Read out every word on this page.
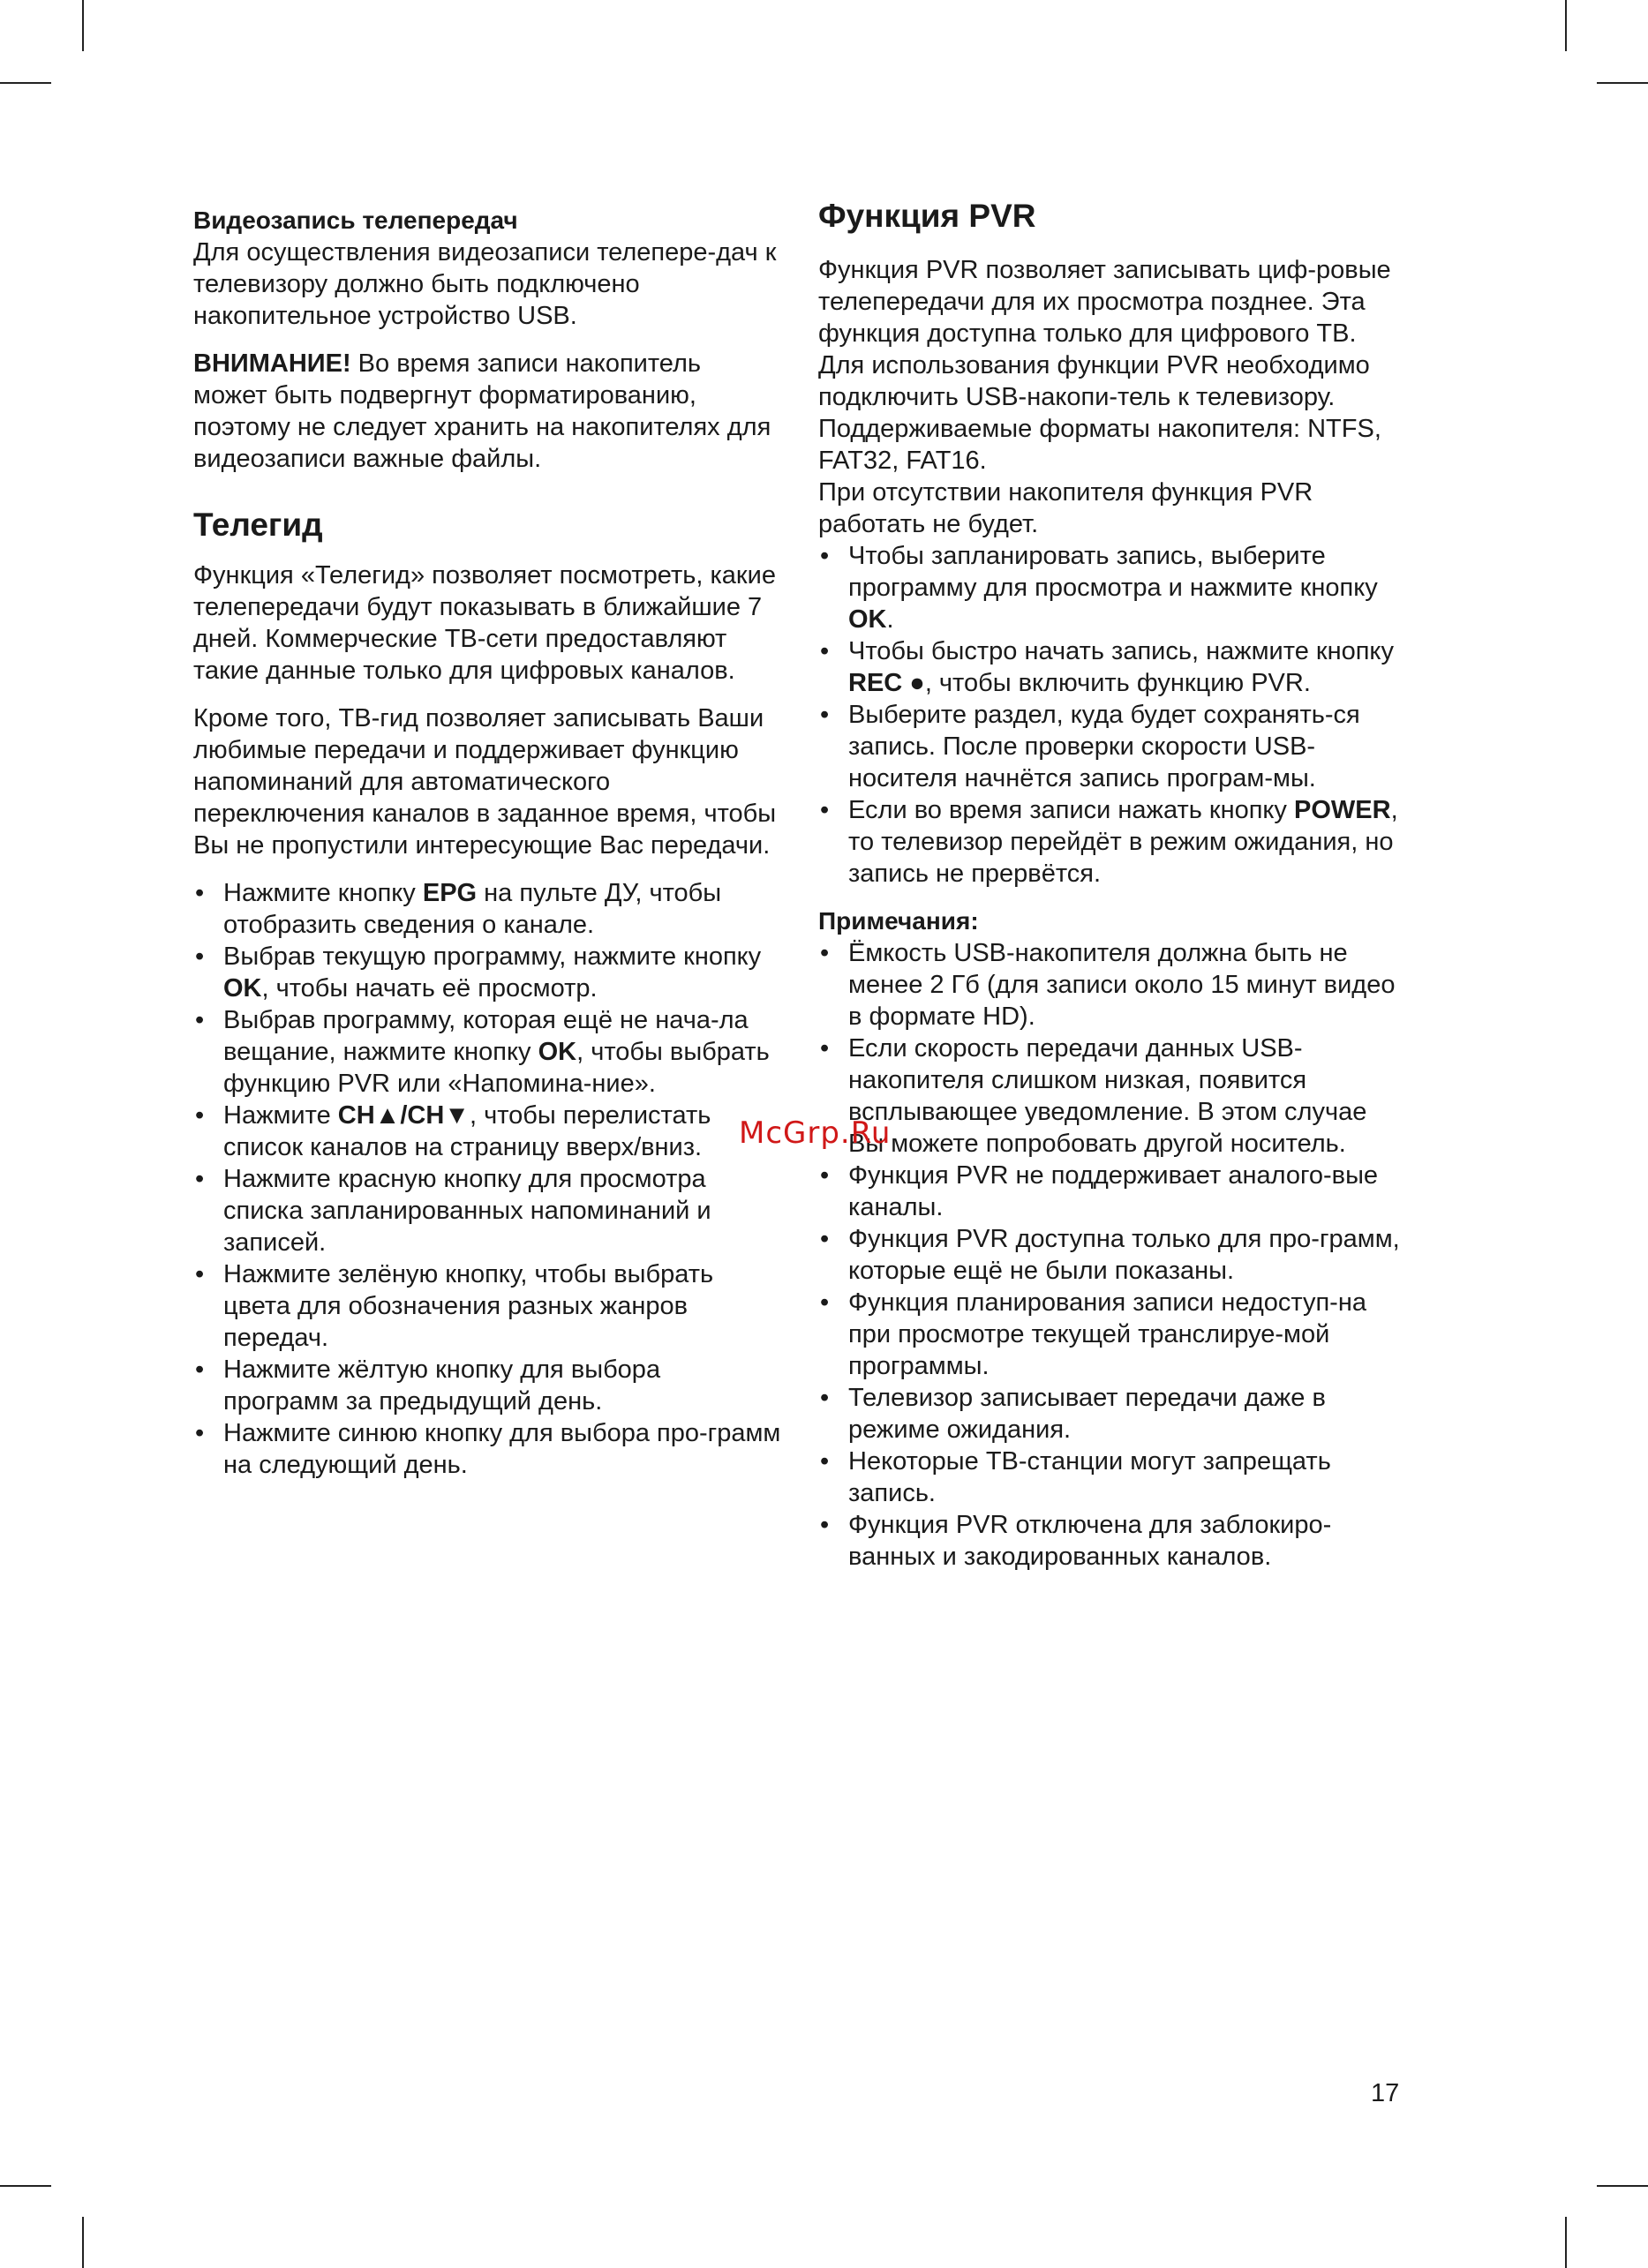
Видеозапись телепередач

Для осуществления видеозаписи телепере-дач к телевизору должно быть подключено накопительное устройство USB.

ВНИМАНИЕ! Во время записи накопитель может быть подвергнут форматированию, поэтому не следует хранить на накопителях для видеозаписи важные файлы.

Телегид

Функция «Телегид» позволяет посмотреть, какие телепередачи будут показывать в ближайшие 7 дней. Коммерческие ТВ-сети предоставляют такие данные только для цифровых каналов.

Кроме того, ТВ-гид позволяет записывать Ваши любимые передачи и поддерживает функцию напоминаний для автоматического переключения каналов в заданное время, чтобы Вы не пропустили интересующие Вас передачи.

• Нажмите кнопку EPG на пульте ДУ, чтобы отобразить сведения о канале.
• Выбрав текущую программу, нажмите кнопку OK, чтобы начать её просмотр.
• Выбрав программу, которая ещё не нача-ла вещание, нажмите кнопку OK, чтобы выбрать функцию PVR или «Напомина-ние».
• Нажмите CH▲/CH▼, чтобы перелистать список каналов на страницу вверх/вниз.
• Нажмите красную кнопку для просмотра списка запланированных напоминаний и записей.
• Нажмите зелёную кнопку, чтобы выбрать цвета для обозначения разных жанров передач.
• Нажмите жёлтую кнопку для выбора программ за предыдущий день.
• Нажмите синюю кнопку для выбора про-грамм на следующий день.
Функция PVR

Функция PVR позволяет записывать циф-ровые телепередачи для их просмотра позднее. Эта функция доступна только для цифрового ТВ. Для использования функции PVR необходимо подключить USB-накопи-тель к телевизору.

Поддерживаемые форматы накопителя: NTFS, FAT32, FAT16.

При отсутствии накопителя функция PVR работать не будет.

• Чтобы запланировать запись, выберите программу для просмотра и нажмите кнопку OK.
• Чтобы быстро начать запись, нажмите кнопку REC ●, чтобы включить функцию PVR.
• Выберите раздел, куда будет сохранять-ся запись. После проверки скорости USB-носителя начнётся запись програм-мы.
• Если во время записи нажать кнопку POWER, то телевизор перейдёт в режим ожидания, но запись не прервётся.

Примечания:

• Ёмкость USB-накопителя должна быть не менее 2 Гб (для записи около 15 минут видео в формате HD).
• Если скорость передачи данных USB-накопителя слишком низкая, появится всплывающее уведомление. В этом случае Вы можете попробовать другой носитель.
• Функция PVR не поддерживает аналого-вые каналы.
• Функция PVR доступна только для про-грамм, которые ещё не были показаны.
• Функция планирования записи недоступ-на при просмотре текущей транслируе-мой программы.
• Телевизор записывает передачи даже в режиме ожидания.
• Некоторые ТВ-станции могут запрещать запись.
• Функция PVR отключена для заблокиро-ванных и закодированных каналов.
McGrp.Ru
17
